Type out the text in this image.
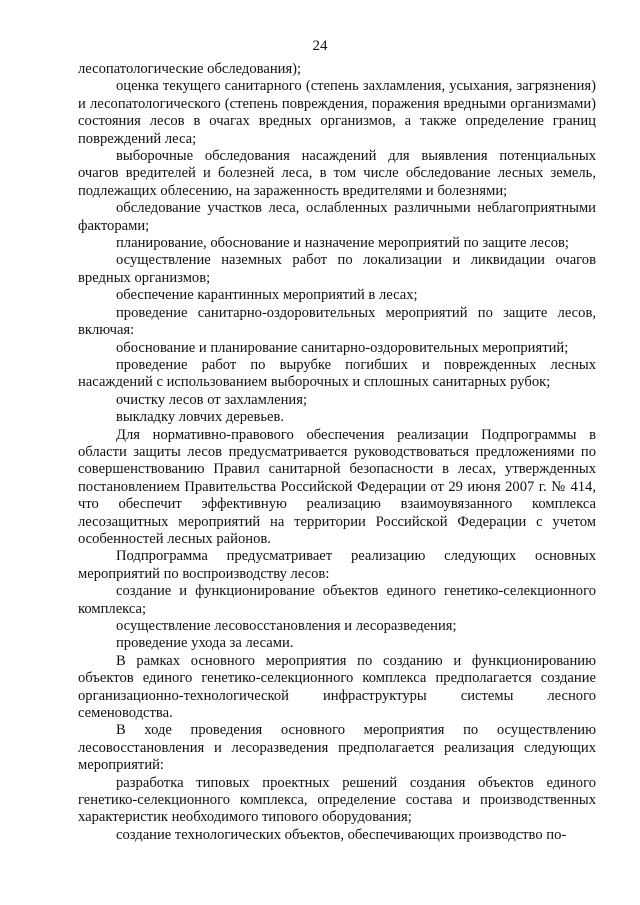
24

лесопатологические обследования);

оценка текущего санитарного (степень захламления, усыхания, загрязнения) и лесопатологического (степень повреждения, поражения вредными организмами) состояния лесов в очагах вредных организмов, а также определение границ повреждений леса;

выборочные обследования насаждений для выявления потенциальных очагов вредителей и болезней леса, в том числе обследование лесных земель, подлежащих облесению, на зараженность вредителями и болезнями;

обследование участков леса, ослабленных различными неблагоприятными факторами;

планирование, обоснование и назначение мероприятий по защите лесов;

осуществление наземных работ по локализации и ликвидации очагов вредных организмов;

обеспечение карантинных мероприятий в лесах;

проведение санитарно-оздоровительных мероприятий по защите лесов, включая:

обоснование и планирование санитарно-оздоровительных мероприятий;

проведение работ по вырубке погибших и поврежденных лесных насаждений с использованием выборочных и сплошных санитарных рубок;

очистку лесов от захламления;

выкладку ловчих деревьев.

Для нормативно-правового обеспечения реализации Подпрограммы в области защиты лесов предусматривается руководствоваться предложениями по совершенствованию Правил санитарной безопасности в лесах, утвержденных постановлением Правительства Российской Федерации от 29 июня 2007 г. № 414, что обеспечит эффективную реализацию взаимоувязанного комплекса лесозащитных мероприятий на территории Российской Федерации с учетом особенностей лесных районов.

Подпрограмма предусматривает реализацию следующих основных мероприятий по воспроизводству лесов:

создание и функционирование объектов единого генетико-селекционного комплекса;

осуществление лесовосстановления и лесоразведения;

проведение ухода за лесами.

В рамках основного мероприятия по созданию и функционированию объектов единого генетико-селекционного комплекса предполагается создание организационно-технологической инфраструктуры системы лесного семеноводства.

В ходе проведения основного мероприятия по осуществлению лесовосстановления и лесоразведения предполагается реализация следующих мероприятий:

разработка типовых проектных решений создания объектов единого генетико-селекционного комплекса, определение состава и производственных характеристик необходимого типового оборудования;

создание технологических объектов, обеспечивающих производство по-
